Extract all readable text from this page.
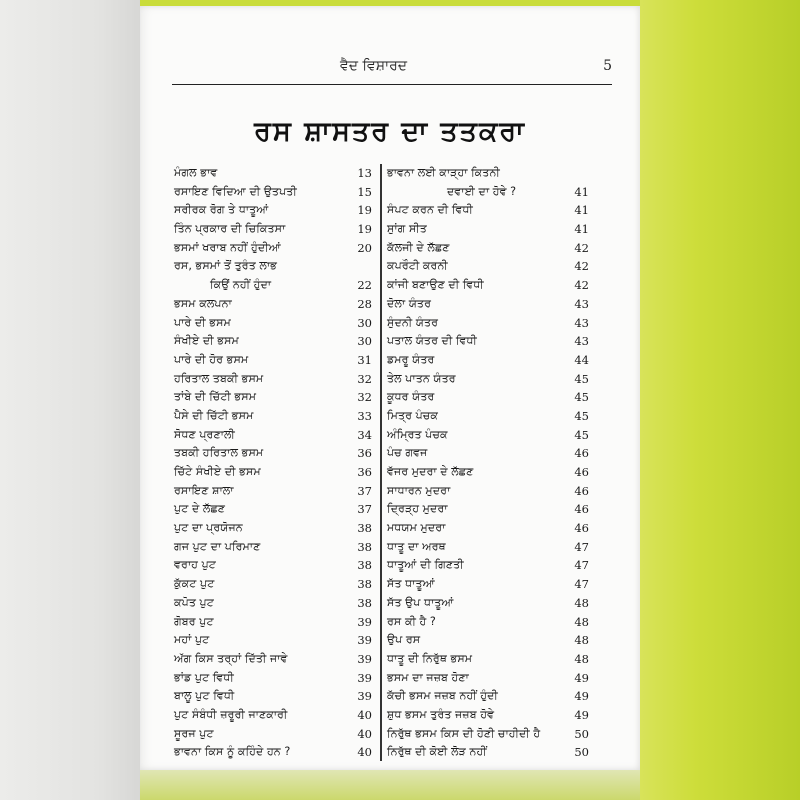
ਵੈਦ ਵਿਸ਼ਾਰਦ	5
ਰਸ ਸ਼ਾਸਤਰ ਦਾ ਤਤਕਰਾ
ਮੰਗਲ ਭਾਵ	13
ਰਸਾਇਣ ਵਿਦਿਆ ਦੀ ਉਤਪਤੀ	15
ਸਰੀਰਕ ਰੋਗ ਤੇ ਧਾਤੂਆਂ	19
ਤਿੰਨ ਪ੍ਰਕਾਰ ਦੀ ਚਿਕਿਤਸਾ	19
ਭਸਮਾਂ ਖਰਾਬ ਨਹੀਂ ਹੁੰਦੀਆਂ	20
ਰਸ, ਭਸਮਾਂ ਤੋਂ ਤੁਰੰਤ ਲਾਭ
ਕਿਉਂ ਨਹੀਂ ਹੁੰਦਾ	22
ਭਸਮ ਕਲਪਨਾ	28
ਪਾਰੇ ਦੀ ਭਸਮ	30
ਸੰਖੀਏ ਦੀ ਭਸਮ	30
ਪਾਰੇ ਦੀ ਹੋਰ ਭਸਮ	31
ਹਰਿਤਾਲ ਤਬਕੀ ਭਸਮ	32
ਤਾਂਬੇ ਦੀ ਚਿੱਟੀ ਭਸਮ	32
ਪੈਸੇ ਦੀ ਚਿੱਟੀ ਭਸਮ	33
ਸੋਧਣ ਪ੍ਰਣਾਲੀ	34
ਤਬਕੀ ਹਰਿਤਾਲ ਭਸਮ	36
ਚਿੱਟੇ ਸੰਖੀਏ ਦੀ ਭਸਮ	36
ਰਸਾਇਣ ਸ਼ਾਲਾ	37
ਪੁਟ ਦੇ ਲੱਛਣ	37
ਪੁਟ ਦਾ ਪ੍ਰਯੋਜਨ	38
ਗਜ ਪੁਟ ਦਾ ਪਰਿਮਾਣ	38
ਵਰਾਹ ਪੁਟ	38
ਕੁੱਕਟ ਪੁਟ	38
ਕਪੋਤ ਪੁਟ	38
ਗੋਬਰ ਪੁਟ	39
ਮਹਾਂ ਪੁਟ	39
ਅੱਗ ਕਿਸ ਤਰ੍ਹਾਂ ਦਿੱਤੀ ਜਾਵੇ	39
ਭਾਂਡ ਪੁਟ ਵਿਧੀ	39
ਬਾਲੂ ਪੁਟ ਵਿਧੀ	39
ਪੁਟ ਸੰਬੰਧੀ ਜ਼ਰੂਰੀ ਜਾਣਕਾਰੀ	40
ਸੂਰਜ ਪੁਟ	40
ਭਾਵਨਾ ਕਿਸ ਨੂੰ ਕਹਿੰਦੇ ਹਨ ?	40
ਭਾਵਨਾ ਲਈ ਕਾੜ੍ਹਾ ਕਿਤਨੀ
ਦਵਾਈ ਦਾ ਹੋਵੇ ?	41
ਸੰਪਟ ਕਰਨ ਦੀ ਵਿਧੀ	41
ਸੁਾਂਗ ਸੀਤ	41
ਕੱਲਜੀ ਦੇ ਲੱਛਣ	42
ਕਪਰੌਟੀ ਕਰਨੀ	42
ਕਾਂਜੀ ਬਣਾਉਣ ਦੀ ਵਿਧੀ	42
ਦੋਲਾ ਯੰਤਰ	43
ਸੁੰਦਨੀ ਯੰਤਰ	43
ਪਤਾਲ ਯੰਤਰ ਦੀ ਵਿਧੀ	43
ਡਮਰੂ ਯੰਤਰ	44
ਤੇਲ ਪਾਤਨ ਯੰਤਰ	45
ਕੂਧਰ ਯੰਤਰ	45
ਮਿਤ੍ਰ ਪੰਚਕ	45
ਅੰਮ੍ਰਿਤ ਪੰਚਕ	45
ਪੰਚ ਗਵਜ	46
ਵੱਜਰ ਮੁਦਰਾ ਦੇ ਲੱਛਣ	46
ਸਾਧਾਰਨ ਮੁਦਰਾ	46
ਦ੍ਰਿੜ੍ਹ ਮੁਦਰਾ	46
ਮਧਯਮ ਮੁਦਰਾ	46
ਧਾਤੂ ਦਾ ਅਰਥ	47
ਧਾਤੂਆਂ ਦੀ ਗਿਣਤੀ	47
ਸੱਤ ਧਾਤੂਆਂ	47
ਸੱਤ ਉਪ ਧਾਤੂਆਂ	48
ਰਸ ਕੀ ਹੈ ?	48
ਉਪ ਰਸ	48
ਧਾਤੂ ਦੀ ਨਿਰੁੱਥ ਭਸਮ	48
ਭਸਮ ਦਾ ਜਜ਼ਬ ਹੋਣਾ	49
ਕੱਚੀ ਭਸਮ ਜਜ਼ਬ ਨਹੀਂ ਹੁੰਦੀ	49
ਸ਼ੁਧ ਭਸਮ ਤੁਰੰਤ ਜਜ਼ਬ ਹੋਵੇ	49
ਨਿਰੁੱਥ ਭਸਮ ਕਿਸ ਦੀ ਹੋਣੀ ਚਾਹੀਦੀ ਹੈ	50
ਨਿਰੁੱਥ ਦੀ ਕੋਈ ਲੋੜ ਨਹੀਂ	50
